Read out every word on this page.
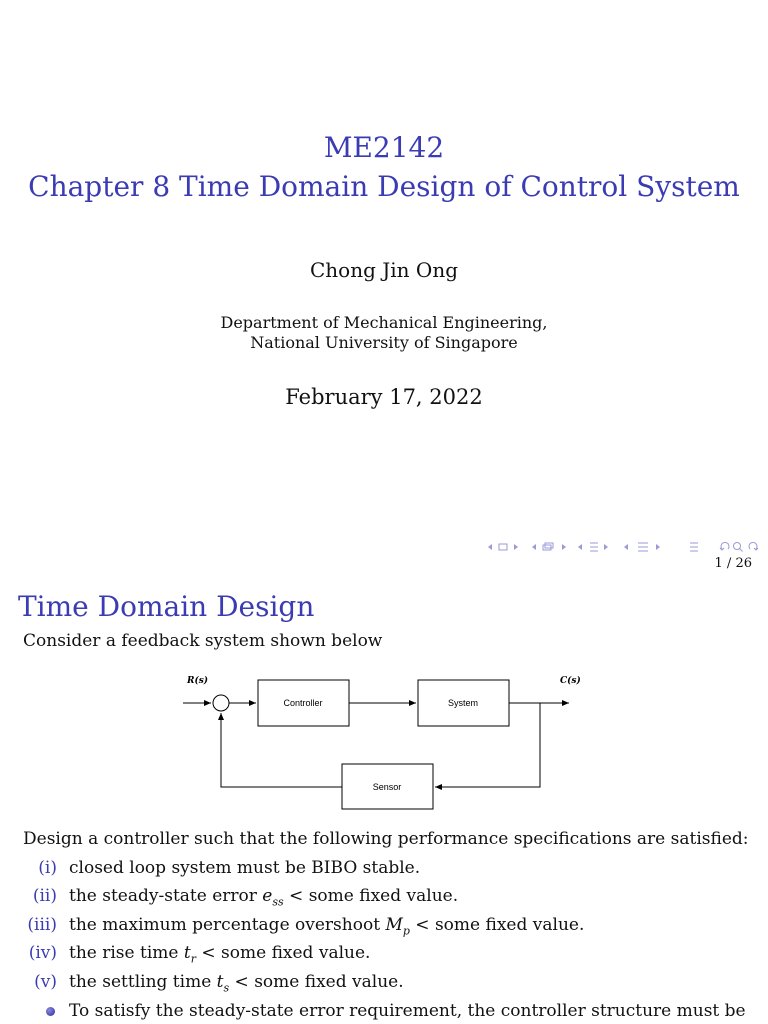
ME2142
Chapter 8 Time Domain Design of Control System
Chong Jin Ong
Department of Mechanical Engineering,
National University of Singapore
February 17, 2022
1 / 26
Time Domain Design
Consider a feedback system shown below
Controller	System
Sensor
R(s)	C(s)
Design a controller such that the following performance specifications are satisfied:
(i) closed loop system must be BIBO stable.
(ii) the steady-state error $e_{ss}$ < some fixed value.
(iii) the maximum percentage overshoot $M_p$ < some fixed value.
(iv) the rise time $t_r$ < some fixed value.
(v) the settling time $t_s$ < some fixed value.
To satisfy the steady-state error requirement, the controller structure must be
